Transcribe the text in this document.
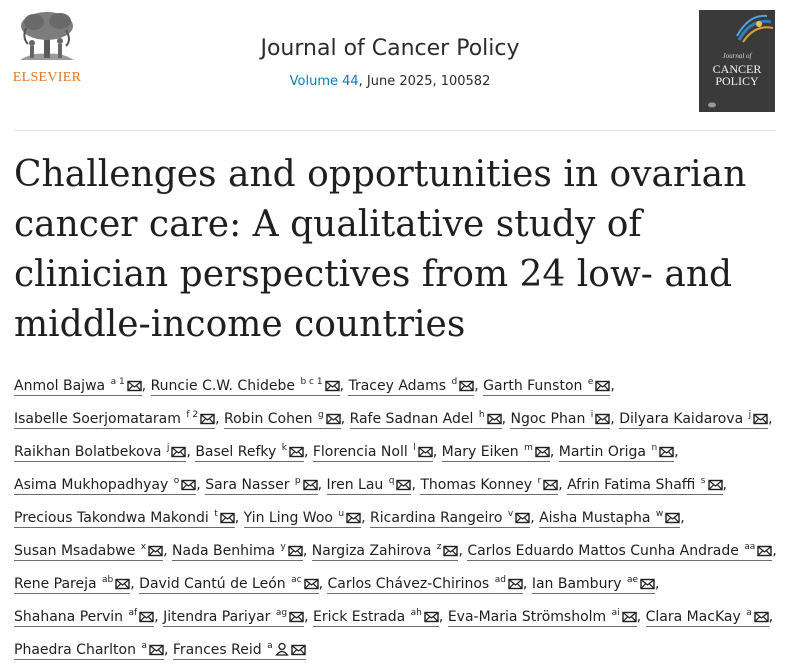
ELSEVIER
Journal of Cancer Policy
Volume 44, June 2025, 100582
Journal of
CANCER
POLICY
Challenges and opportunities in ovarian cancer care: A qualitative study of clinician perspectives from 24 low- and middle-income countries
Anmol Bajwa $^{a 1}$ , Runcie C.W. Chidebe $^{b c 1}$ , Tracey Adams $^d$ , Garth Funston $^e$ , Isabelle Soerjomataram $^{f 2}$ , Robin Cohen $^g$ , Rafe Sadnan Adel $^h$ , Ngoc Phan $^i$ , Dilyara Kaidarova $^j$ , Raikhan Bolatbekova $^j$ , Basel Refky $^k$ , Florencia Noll $^l$ , Mary Eiken $^m$ , Martin Origa $^n$ , Asima Mukhopadhyay $^o$ , Sara Nasser $^p$ , Iren Lau $^q$ , Thomas Konney $^r$ , Afrin Fatima Shaffi $^s$ , Precious Takondwa Makondi $^t$ , Yin Ling Woo $^u$ , Ricardina Rangeiro $^v$ , Aisha Mustapha $^w$ , Susan Msadabwe $^x$ , Nada Benhima $^y$ , Nargiza Zahirova $^z$ , Carlos Eduardo Mattos Cunha Andrade $^{aa}$ , Rene Pareja $^{ab}$ , David Cantú de León $^{ac}$ , Carlos Chávez-Chirinos $^{ad}$ , Ian Bambury $^{ae}$ , Shahana Pervin $^{af}$ , Jitendra Pariyar $^{ag}$ , Erick Estrada $^{ah}$ , Eva-Maria Strömsholm $^{ai}$ , Clara MacKay $^a$ , Phaedra Charlton $^a$ , Frances Reid $^a$
